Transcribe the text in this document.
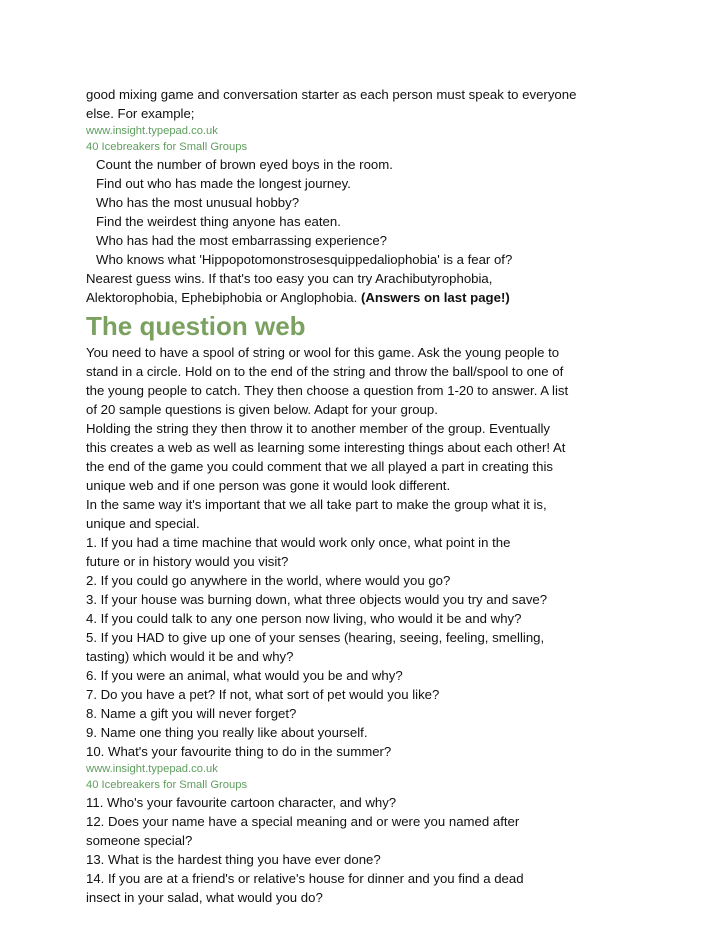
good mixing game and conversation starter as each person must speak to everyone
else. For example;
www.insight.typepad.co.uk
40 Icebreakers for Small Groups
Count the number of brown eyed boys in the room.
Find out who has made the longest journey.
Who has the most unusual hobby?
Find the weirdest thing anyone has eaten.
Who has had the most embarrassing experience?
Who knows what 'Hippopotomonstrosesquippedaliophobia' is a fear of?
Nearest guess wins. If that's too easy you can try Arachibutyrophobia,
Alektorophobia, Ephebiphobia or Anglophobia. (Answers on last page!)
The question web
You need to have a spool of string or wool for this game. Ask the young people to
stand in a circle. Hold on to the end of the string and throw the ball/spool to one of
the young people to catch. They then choose a question from 1-20 to answer. A list
of 20 sample questions is given below. Adapt for your group.
Holding the string they then throw it to another member of the group. Eventually
this creates a web as well as learning some interesting things about each other! At
the end of the game you could comment that we all played a part in creating this
unique web and if one person was gone it would look different.
In the same way it's important that we all take part to make the group what it is,
unique and special.
1. If you had a time machine that would work only once, what point in the
future or in history would you visit?
2. If you could go anywhere in the world, where would you go?
3. If your house was burning down, what three objects would you try and save?
4. If you could talk to any one person now living, who would it be and why?
5. If you HAD to give up one of your senses (hearing, seeing, feeling, smelling,
tasting) which would it be and why?
6. If you were an animal, what would you be and why?
7. Do you have a pet? If not, what sort of pet would you like?
8. Name a gift you will never forget?
9. Name one thing you really like about yourself.
10. What's your favourite thing to do in the summer?
www.insight.typepad.co.uk
40 Icebreakers for Small Groups
11. Who's your favourite cartoon character, and why?
12. Does your name have a special meaning and or were you named after
someone special?
13. What is the hardest thing you have ever done?
14. If you are at a friend's or relative's house for dinner and you find a dead
insect in your salad, what would you do?
